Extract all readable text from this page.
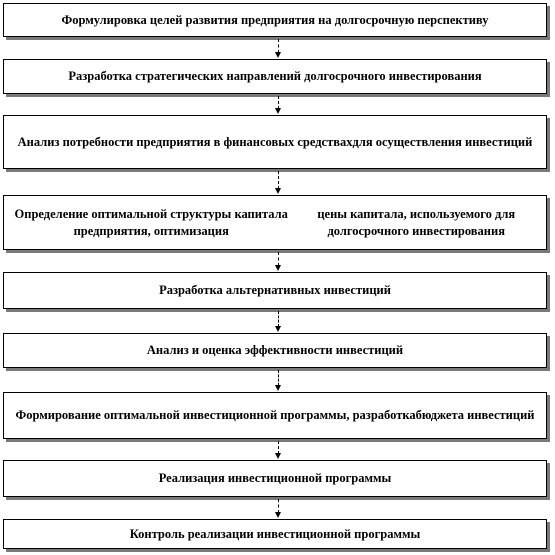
Формулировка целей развития предприятия на долгосрочную перспективу
Разработка стратегических направлений долгосрочного инвестирования
Анализ потребности предприятия в финансовых средствах для осуществления инвестиций
Определение оптимальной структуры капитала предприятия, оптимизация
цены капитала, используемого для долгосрочного инвестирования
Разработка альтернативных инвестиций
Анализ и оценка эффективности инвестиций
Формирование оптимальной инвестиционной программы, разработка бюджета инвестиций
Реализация инвестиционной программы
Контроль реализации инвестиционной программы
